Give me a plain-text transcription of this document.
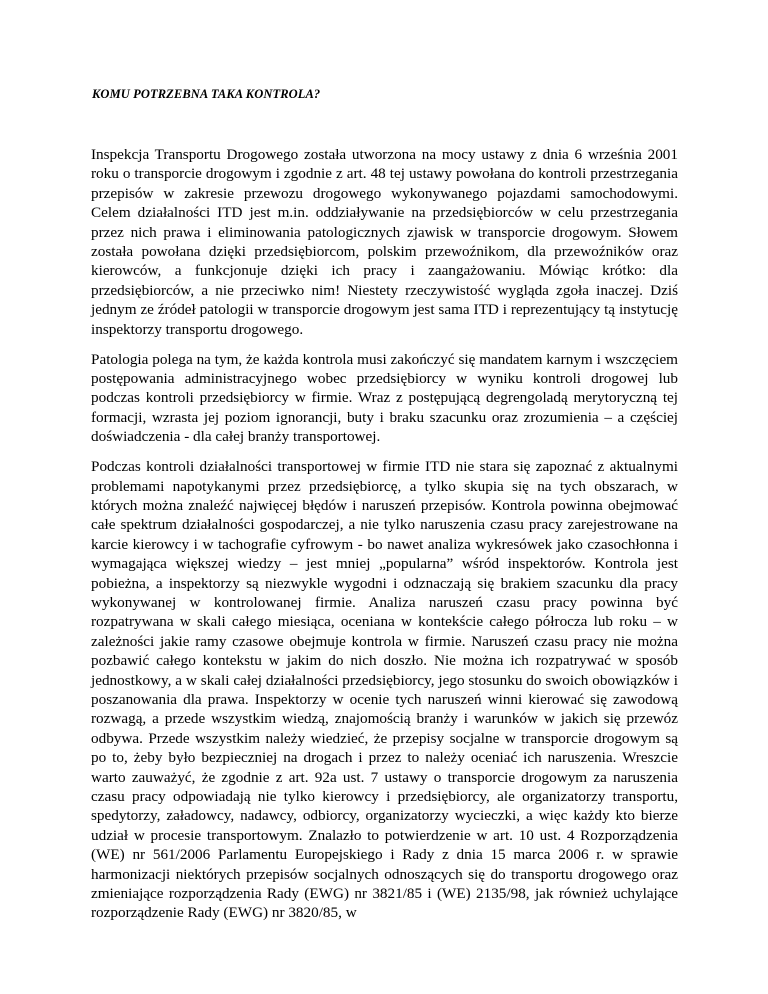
KOMU POTRZEBNA TAKA KONTROLA?

Inspekcja Transportu Drogowego została utworzona na mocy ustawy z dnia 6 września 2001 roku o transporcie drogowym i zgodnie z art. 48 tej ustawy powołana do kontroli przestrzegania przepisów w zakresie przewozu drogowego wykonywanego pojazdami samochodowymi. Celem działalności ITD jest m.in. oddziaływanie na przedsiębiorców w celu przestrzegania przez nich prawa i eliminowania patologicznych zjawisk w transporcie drogowym. Słowem została powołana dzięki przedsiębiorcom, polskim przewoźnikom, dla przewoźników oraz kierowców, a funkcjonuje dzięki ich pracy i zaangażowaniu. Mówiąc krótko: dla przedsiębiorców, a nie przeciwko nim! Niestety rzeczywistość wygląda zgoła inaczej. Dziś jednym ze źródeł patologii w transporcie drogowym jest sama ITD i reprezentujący tą instytucję inspektorzy transportu drogowego.

Patologia polega na tym, że każda kontrola musi zakończyć się mandatem karnym i wszczęciem postępowania administracyjnego wobec przedsiębiorcy w wyniku kontroli drogowej lub podczas kontroli przedsiębiorcy w firmie. Wraz z postępującą degrengoladą merytoryczną tej formacji, wzrasta jej poziom ignorancji, buty i braku szacunku oraz zrozumienia – a częściej doświadczenia - dla całej branży transportowej.

Podczas kontroli działalności transportowej w firmie ITD nie stara się zapoznać z aktualnymi problemami napotykanymi przez przedsiębiorcę, a tylko skupia się na tych obszarach, w których można znaleźć najwięcej błędów i naruszeń przepisów. Kontrola powinna obejmować całe spektrum działalności gospodarczej, a nie tylko naruszenia czasu pracy zarejestrowane na karcie kierowcy i w tachografie cyfrowym - bo nawet analiza wykresówek jako czasochłonna i wymagająca większej wiedzy – jest mniej „popularna” wśród inspektorów. Kontrola jest pobieżna, a inspektorzy są niezwykle wygodni i odznaczają się brakiem szacunku dla pracy wykonywanej w kontrolowanej firmie. Analiza naruszeń czasu pracy powinna być rozpatrywana w skali całego miesiąca, oceniana w kontekście całego półrocza lub roku – w zależności jakie ramy czasowe obejmuje kontrola w firmie. Naruszeń czasu pracy nie można pozbawić całego kontekstu w jakim do nich doszło. Nie można ich rozpatrywać w sposób jednostkowy, a w skali całej działalności przedsiębiorcy, jego stosunku do swoich obowiązków i poszanowania dla prawa. Inspektorzy w ocenie tych naruszeń winni kierować się zawodową rozwagą, a przede wszystkim wiedzą, znajomością branży i warunków w jakich się przewóz odbywa. Przede wszystkim należy wiedzieć, że przepisy socjalne w transporcie drogowym są po to, żeby było bezpieczniej na drogach i przez to należy oceniać ich naruszenia. Wreszcie warto zauważyć, że zgodnie z art. 92a ust. 7 ustawy o transporcie drogowym za naruszenia czasu pracy odpowiadają nie tylko kierowcy i przedsiębiorcy, ale organizatorzy transportu, spedytorzy, załadowcy, nadawcy, odbiorcy, organizatorzy wycieczki, a więc każdy kto bierze udział w procesie transportowym. Znalazło to potwierdzenie w art. 10 ust. 4 Rozporządzenia (WE) nr 561/2006 Parlamentu Europejskiego i Rady z dnia 15 marca 2006 r. w sprawie harmonizacji niektórych przepisów socjalnych odnoszących się do transportu drogowego oraz zmieniające rozporządzenia Rady (EWG) nr 3821/85 i (WE) 2135/98, jak również uchylające rozporządzenie Rady (EWG) nr 3820/85, w
